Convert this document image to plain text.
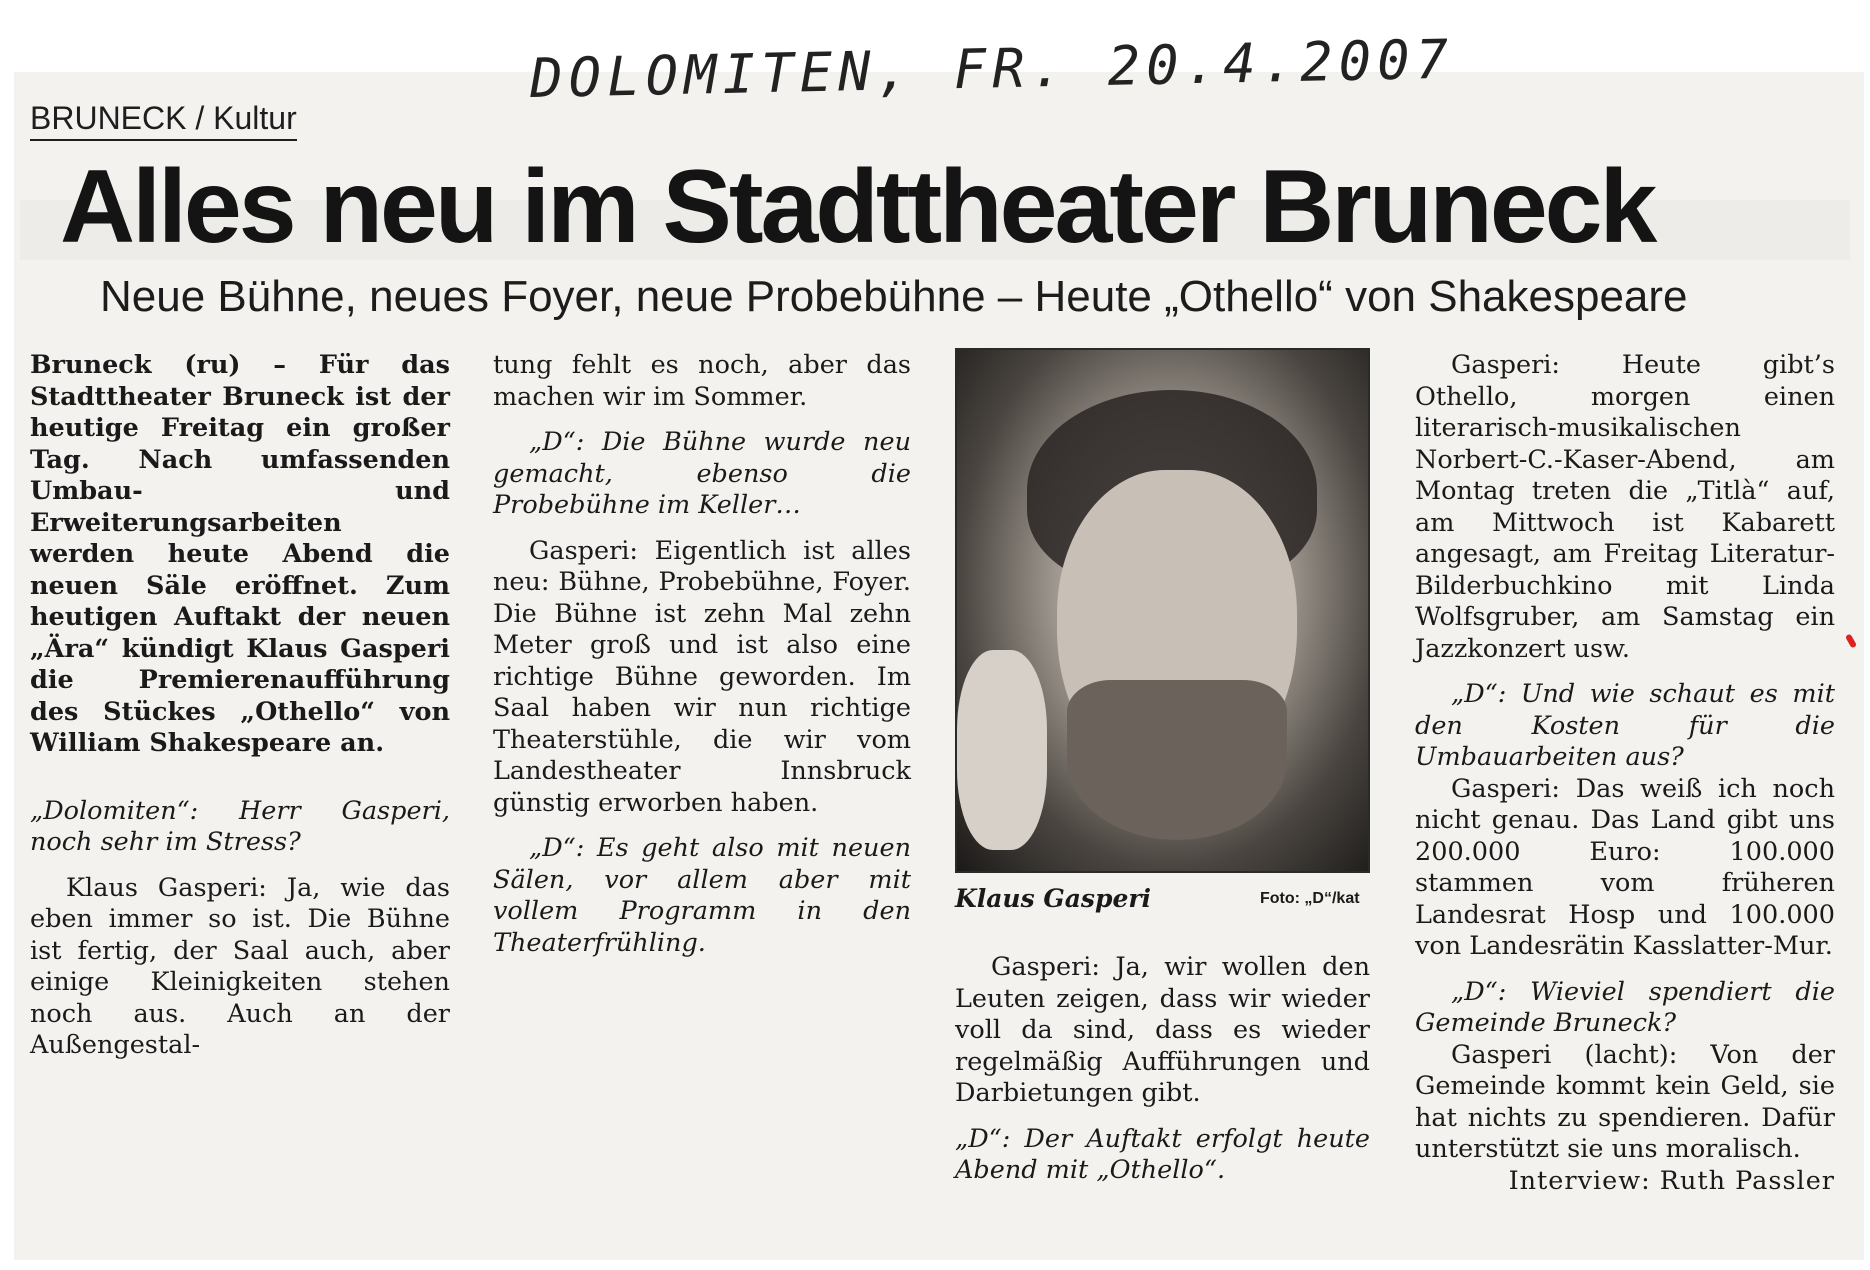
DOLOMITEN, FR. 20.4.2007
BRUNECK / Kultur
Alles neu im Stadttheater Bruneck
Neue Bühne, neues Foyer, neue Probebühne – Heute „Othello“ von Shakespeare

Bruneck (ru) – Für das Stadttheater Bruneck ist der heutige Freitag ein großer Tag. Nach umfassenden Umbau- und Erweiterungsarbeiten werden heute Abend die neuen Säle eröffnet. Zum heutigen Auftakt der neuen „Ära“ kündigt Klaus Gasperi die Premierenaufführung des Stückes „Othello“ von William Shakespeare an.

„Dolomiten“: Herr Gasperi, noch sehr im Stress?

Klaus Gasperi: Ja, wie das eben immer so ist. Die Bühne ist fertig, der Saal auch, aber einige Kleinigkeiten stehen noch aus. Auch an der Außengestal-

tung fehlt es noch, aber das machen wir im Sommer.

„D“: Die Bühne wurde neu gemacht, ebenso die Probebühne im Keller…

Gasperi: Eigentlich ist alles neu: Bühne, Probebühne, Foyer. Die Bühne ist zehn Mal zehn Meter groß und ist also eine richtige Bühne geworden. Im Saal haben wir nun richtige Theaterstühle, die wir vom Landestheater Innsbruck günstig erworben haben.

„D“: Es geht also mit neuen Sälen, vor allem aber mit vollem Programm in den Theaterfrühling.

Klaus Gasperi	Foto: „D“/kat

Gasperi: Ja, wir wollen den Leuten zeigen, dass wir wieder voll da sind, dass es wieder regelmäßig Aufführungen und Darbietungen gibt.

„D“: Der Auftakt erfolgt heute Abend mit „Othello“.

Gasperi: Heute gibt’s Othello, morgen einen literarisch-musikalischen Norbert-C.-Kaser-Abend, am Montag treten die „Titlà“ auf, am Mittwoch ist Kabarett angesagt, am Freitag Literatur- Bilderbuchkino mit Linda Wolfsgruber, am Samstag ein Jazzkonzert usw.

„D“: Und wie schaut es mit den Kosten für die Umbauarbeiten aus?

Gasperi: Das weiß ich noch nicht genau. Das Land gibt uns 200.000 Euro: 100.000 stammen vom früheren Landesrat Hosp und 100.000 von Landesrätin Kasslatter-Mur.

„D“: Wieviel spendiert die Gemeinde Bruneck?

Gasperi (lacht): Von der Gemeinde kommt kein Geld, sie hat nichts zu spendieren. Dafür unterstützt sie uns moralisch.

Interview: Ruth Passler
